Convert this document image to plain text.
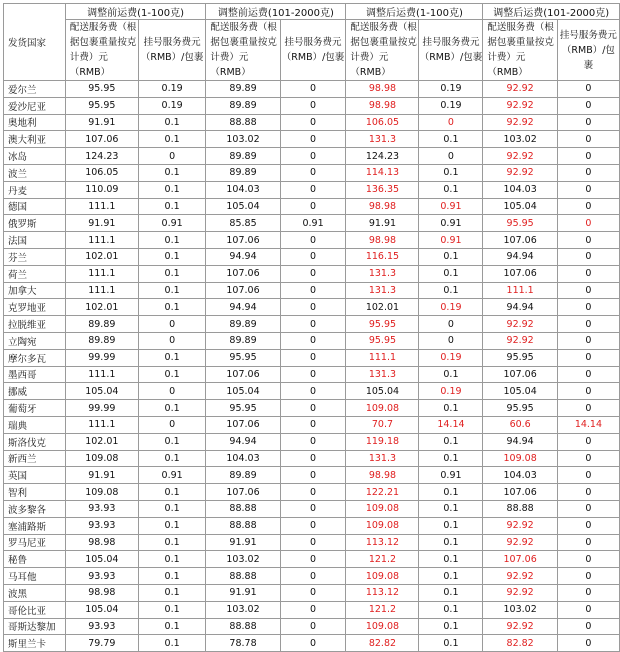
发货国家	调整前运费(1-100克)		调整前运费(101-2000克)		调整后运费(1-100克)		调整后运费(101-2000克)	
	配送服务费（根据包裹重量按克计费）元（RMB）	挂号服务费元（RMB）/包裹	配送服务费（根据包裹重量按克计费）元（RMB）	挂号服务费元（RMB）/包裹	配送服务费（根据包裹重量按克计费）元（RMB）	挂号服务费元（RMB）/包裹	配送服务费（根据包裹重量按克计费）元（RMB）	挂号服务费元（RMB）/包裹
爱尔兰	95.95	0.19	89.89	0	98.98	0.19	92.92	0
爱沙尼亚	95.95	0.19	89.89	0	98.98	0.19	92.92	0
奥地利	91.91	0.1	88.88	0	106.05	0	92.92	0
澳大利亚	107.06	0.1	103.02	0	131.3	0.1	103.02	0
冰岛	124.23	0	89.89	0	124.23	0	92.92	0
波兰	106.05	0.1	89.89	0	114.13	0.1	92.92	0
丹麦	110.09	0.1	104.03	0	136.35	0.1	104.03	0
德国	111.1	0.1	105.04	0	98.98	0.91	105.04	0
俄罗斯	91.91	0.91	85.85	0.91	91.91	0.91	95.95	0
法国	111.1	0.1	107.06	0	98.98	0.91	107.06	0
芬兰	102.01	0.1	94.94	0	116.15	0.1	94.94	0
荷兰	111.1	0.1	107.06	0	131.3	0.1	107.06	0
加拿大	111.1	0.1	107.06	0	131.3	0.1	111.1	0
克罗地亚	102.01	0.1	94.94	0	102.01	0.19	94.94	0
拉脱维亚	89.89	0	89.89	0	95.95	0	92.92	0
立陶宛	89.89	0	89.89	0	95.95	0	92.92	0
摩尔多瓦	99.99	0.1	95.95	0	111.1	0.19	95.95	0
墨西哥	111.1	0.1	107.06	0	131.3	0.1	107.06	0
挪威	105.04	0	105.04	0	105.04	0.19	105.04	0
葡萄牙	99.99	0.1	95.95	0	109.08	0.1	95.95	0
瑞典	111.1	0	107.06	0	70.7	14.14	60.6	14.14
斯洛伐克	102.01	0.1	94.94	0	119.18	0.1	94.94	0
新西兰	109.08	0.1	104.03	0	131.3	0.1	109.08	0
英国	91.91	0.91	89.89	0	98.98	0.91	104.03	0
智利	109.08	0.1	107.06	0	122.21	0.1	107.06	0
波多黎各	93.93	0.1	88.88	0	109.08	0.1	88.88	0
塞浦路斯	93.93	0.1	88.88	0	109.08	0.1	92.92	0
罗马尼亚	98.98	0.1	91.91	0	113.12	0.1	92.92	0
秘鲁	105.04	0.1	103.02	0	121.2	0.1	107.06	0
马耳他	93.93	0.1	88.88	0	109.08	0.1	92.92	0
波黑	98.98	0.1	91.91	0	113.12	0.1	92.92	0
哥伦比亚	105.04	0.1	103.02	0	121.2	0.1	103.02	0
哥斯达黎加	93.93	0.1	88.88	0	109.08	0.1	92.92	0
斯里兰卡	79.79	0.1	78.78	0	82.82	0.1	82.82	0
